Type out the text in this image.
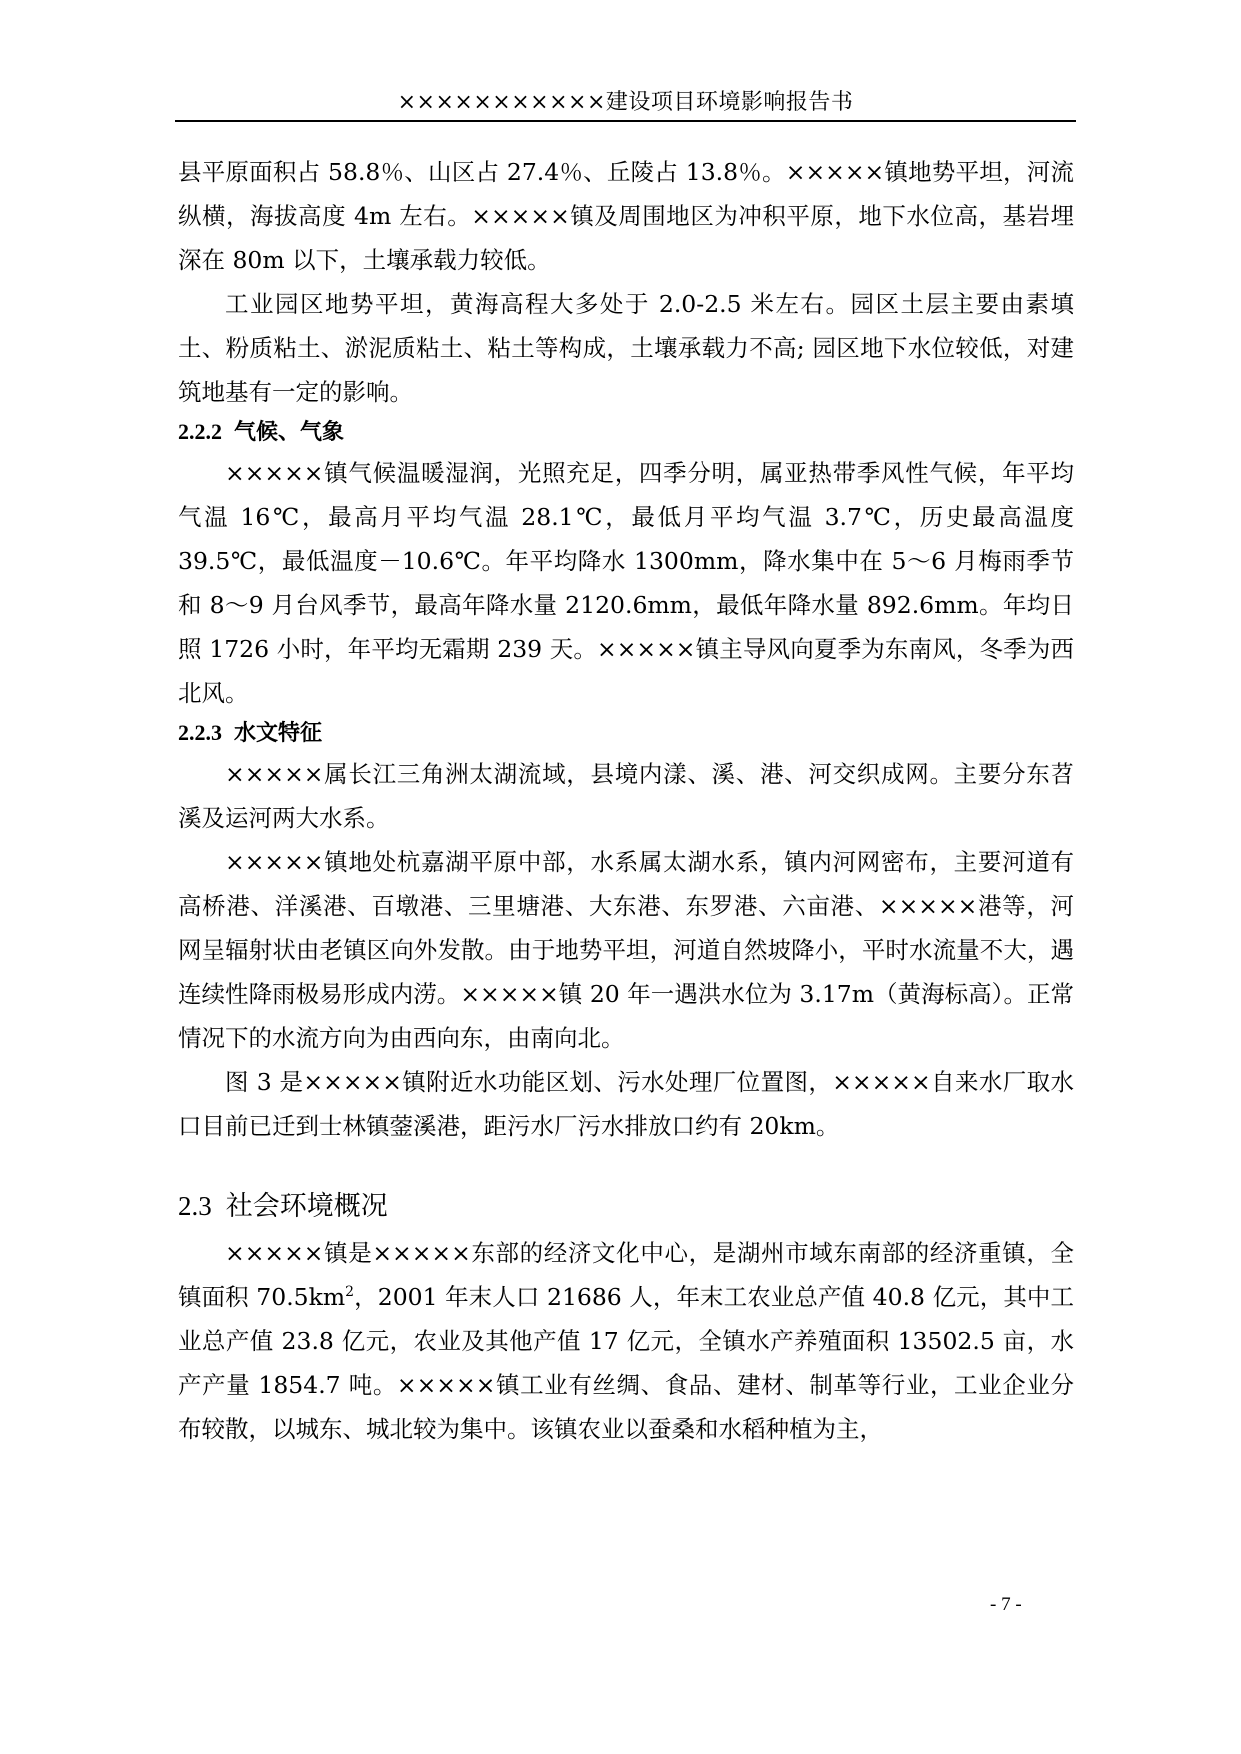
×××××××××××建设项目环境影响报告书

县平原面积占 58.8％、山区占 27.4％、丘陵占 13.8％。×××××镇地势平坦，河流纵横，海拔高度 4m 左右。×××××镇及周围地区为冲积平原，地下水位高，基岩埋深在 80m 以下，土壤承载力较低。

工业园区地势平坦，黄海高程大多处于 2.0-2.5 米左右。园区土层主要由素填土、粉质粘土、淤泥质粘土、粘土等构成，土壤承载力不高; 园区地下水位较低，对建筑地基有一定的影响。

2.2.2 气候、气象

×××××镇气候温暖湿润，光照充足，四季分明，属亚热带季风性气候，年平均气温 16℃，最高月平均气温 28.1℃，最低月平均气温 3.7℃，历史最高温度 39.5℃，最低温度－10.6℃。年平均降水 1300mm，降水集中在 5～6 月梅雨季节和 8～9 月台风季节，最高年降水量 2120.6mm，最低年降水量 892.6mm。年均日照 1726 小时，年平均无霜期 239 天。×××××镇主导风向夏季为东南风，冬季为西北风。

2.2.3 水文特征

×××××属长江三角洲太湖流域，县境内漾、溪、港、河交织成网。主要分东苕溪及运河两大水系。

×××××镇地处杭嘉湖平原中部，水系属太湖水系，镇内河网密布，主要河道有高桥港、洋溪港、百墩港、三里塘港、大东港、东罗港、六亩港、×××××港等，河网呈辐射状由老镇区向外发散。由于地势平坦，河道自然坡降小，平时水流量不大，遇连续性降雨极易形成内涝。×××××镇 20 年一遇洪水位为 3.17m（黄海标高）。正常情况下的水流方向为由西向东，由南向北。

图 3 是×××××镇附近水功能区划、污水处理厂位置图，×××××自来水厂取水口目前已迁到士林镇蓥溪港，距污水厂污水排放口约有 20km。

2.3 社会环境概况

×××××镇是×××××东部的经济文化中心，是湖州市域东南部的经济重镇，全镇面积 $70.5km^2$，2001 年末人口 21686 人，年末工农业总产值 40.8 亿元，其中工业总产值 23.8 亿元，农业及其他产值 17 亿元，全镇水产养殖面积 13502.5 亩，水产产量 1854.7 吨。×××××镇工业有丝绸、食品、建材、制革等行业，工业企业分布较散，以城东、城北较为集中。该镇农业以蚕桑和水稻种植为主，

- 7 -
